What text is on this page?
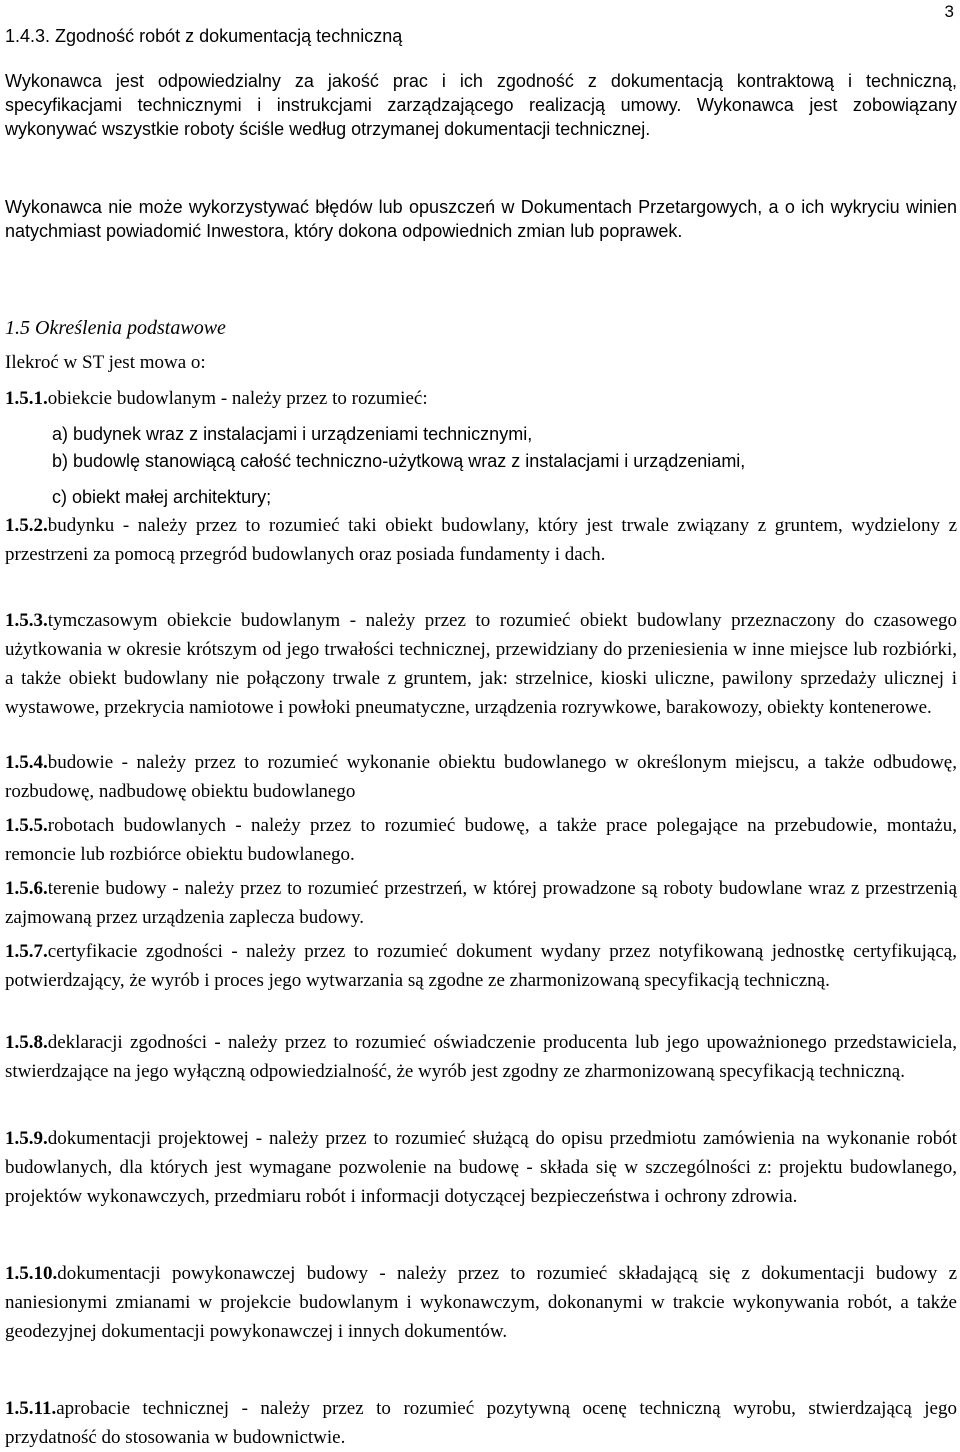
3
1.4.3. Zgodność robót z dokumentacją techniczną
Wykonawca jest odpowiedzialny za jakość prac i ich zgodność z dokumentacją kontraktową i techniczną, specyfikacjami technicznymi i instrukcjami zarządzającego realizacją umowy. Wykonawca jest zobowiązany wykonywać wszystkie roboty ściśle według otrzymanej dokumentacji technicznej.
Wykonawca nie może wykorzystywać błędów lub opuszczeń w Dokumentach Przetargowych, a o ich wykryciu winien natychmiast powiadomić Inwestora, który dokona odpowiednich zmian lub poprawek.
1.5 Określenia podstawowe
Ilekroć w ST jest mowa o:
1.5.1.obiekcie budowlanym - należy przez to rozumieć:
a) budynek wraz z instalacjami i urządzeniami technicznymi,
b) budowlę stanowiącą całość techniczno-użytkową wraz z instalacjami i urządzeniami,
c) obiekt małej architektury;
1.5.2.budynku - należy przez to rozumieć taki obiekt budowlany, który jest trwale związany z gruntem, wydzielony z przestrzeni za pomocą przegród budowlanych oraz posiada fundamenty i dach.
1.5.3.tymczasowym obiekcie budowlanym - należy przez to rozumieć obiekt budowlany przeznaczony do czasowego użytkowania w okresie krótszym od jego trwałości technicznej, przewidziany do przeniesienia w inne miejsce lub rozbiórki, a także obiekt budowlany nie połączony trwale z gruntem, jak: strzelnice, kioski uliczne, pawilony sprzedaży ulicznej i wystawowe, przekrycia namiotowe i powłoki pneumatyczne, urządzenia rozrywkowe, barakowozy, obiekty kontenerowe.
1.5.4.budowie - należy przez to rozumieć wykonanie obiektu budowlanego w określonym miejscu, a także odbudowę, rozbudowę, nadbudowę obiektu budowlanego
1.5.5.robotach budowlanych - należy przez to rozumieć budowę, a także prace polegające na przebudowie, montażu, remoncie lub rozbiórce obiektu budowlanego.
1.5.6.terenie budowy - należy przez to rozumieć przestrzeń, w której prowadzone są roboty budowlane wraz z przestrzenią zajmowaną przez urządzenia zaplecza budowy.
1.5.7.certyfikacie zgodności - należy przez to rozumieć dokument wydany przez notyfikowaną jednostkę certyfikującą, potwierdzający, że wyrób i proces jego wytwarzania są zgodne ze zharmonizowaną specyfikacją techniczną.
1.5.8.deklaracji zgodności - należy przez to rozumieć oświadczenie producenta lub jego upoważnionego przedstawiciela, stwierdzające na jego wyłączną odpowiedzialność, że wyrób jest zgodny ze zharmonizowaną specyfikacją techniczną.
1.5.9.dokumentacji projektowej - należy przez to rozumieć służącą do opisu przedmiotu zamówienia na wykonanie robót budowlanych, dla których jest wymagane pozwolenie na budowę - składa się w szczególności z: projektu budowlanego, projektów wykonawczych, przedmiaru robót i informacji dotyczącej bezpieczeństwa i ochrony zdrowia.
1.5.10.dokumentacji powykonawczej budowy - należy przez to rozumieć składającą się z dokumentacji budowy z naniesionymi zmianami w projekcie budowlanym i wykonawczym, dokonanymi w trakcie wykonywania robót, a także geodezyjnej dokumentacji powykonawczej i innych dokumentów.
1.5.11.aprobacie technicznej - należy przez to rozumieć pozytywną ocenę techniczną wyrobu, stwierdzającą jego przydatność do stosowania w budownictwie.
